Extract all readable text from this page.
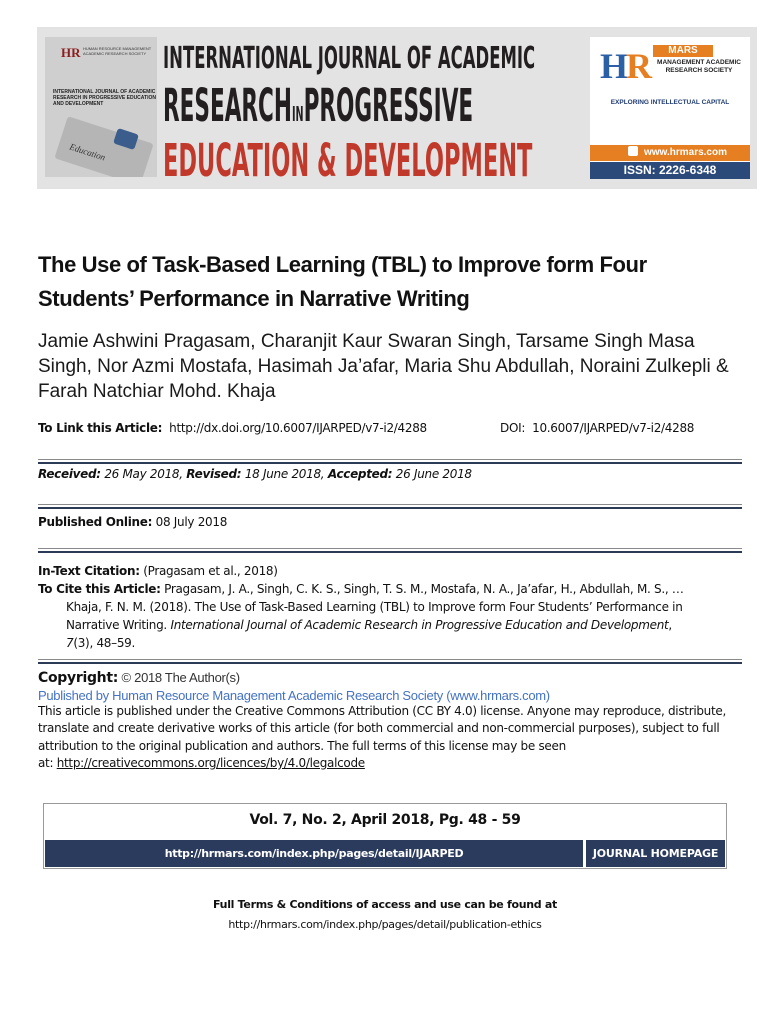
HR HUMAN RESOURCE MANAGEMENT ACADEMIC RESEARCH SOCIETY
INTERNATIONAL JOURNAL OF ACADEMIC RESEARCH IN PROGRESSIVE EDUCATION AND DEVELOPMENT
Education
INTERNATIONAL JOURNAL OF ACADEMIC
RESEARCHINPROGRESSIVE
EDUCATION & DEVELOPMENT
HR	MARS
MANAGEMENT ACADEMIC RESEARCH SOCIETY
EXPLORING INTELLECTUAL CAPITAL
www.hrmars.com
ISSN: 2226-6348
The Use of Task-Based Learning (TBL) to Improve form Four Students’ Performance in Narrative Writing
Jamie Ashwini Pragasam, Charanjit Kaur Swaran Singh, Tarsame Singh Masa Singh, Nor Azmi Mostafa, Hasimah Ja’afar, Maria Shu Abdullah, Noraini Zulkepli & Farah Natchiar Mohd. Khaja
To Link this Article: http://dx.doi.org/10.6007/IJARPED/v7-i2/4288	DOI: 10.6007/IJARPED/v7-i2/4288
Received: 26 May 2018, Revised: 18 June 2018, Accepted: 26 June 2018
Published Online: 08 July 2018

In-Text Citation: (Pragasam et al., 2018)

To Cite this Article: Pragasam, J. A., Singh, C. K. S., Singh, T. S. M., Mostafa, N. A., Ja’afar, H., Abdullah, M. S., …

Khaja, F. N. M. (2018). The Use of Task-Based Learning (TBL) to Improve form Four Students’ Performance in

Narrative Writing. International Journal of Academic Research in Progressive Education and Development,

7(3), 48–59.

Copyright: © 2018 The Author(s)

Published by Human Resource Management Academic Research Society (www.hrmars.com)

This article is published under the Creative Commons Attribution (CC BY 4.0) license. Anyone may reproduce, distribute, translate and create derivative works of this article (for both commercial and non-commercial purposes), subject to full attribution to the original publication and authors. The full terms of this license may be seen
at: http://creativecommons.org/licences/by/4.0/legalcode

Vol. 7, No. 2, April 2018, Pg. 48 - 59
http://hrmars.com/index.php/pages/detail/IJARPED	JOURNAL HOMEPAGE
Full Terms & Conditions of access and use can be found at
http://hrmars.com/index.php/pages/detail/publication-ethics
